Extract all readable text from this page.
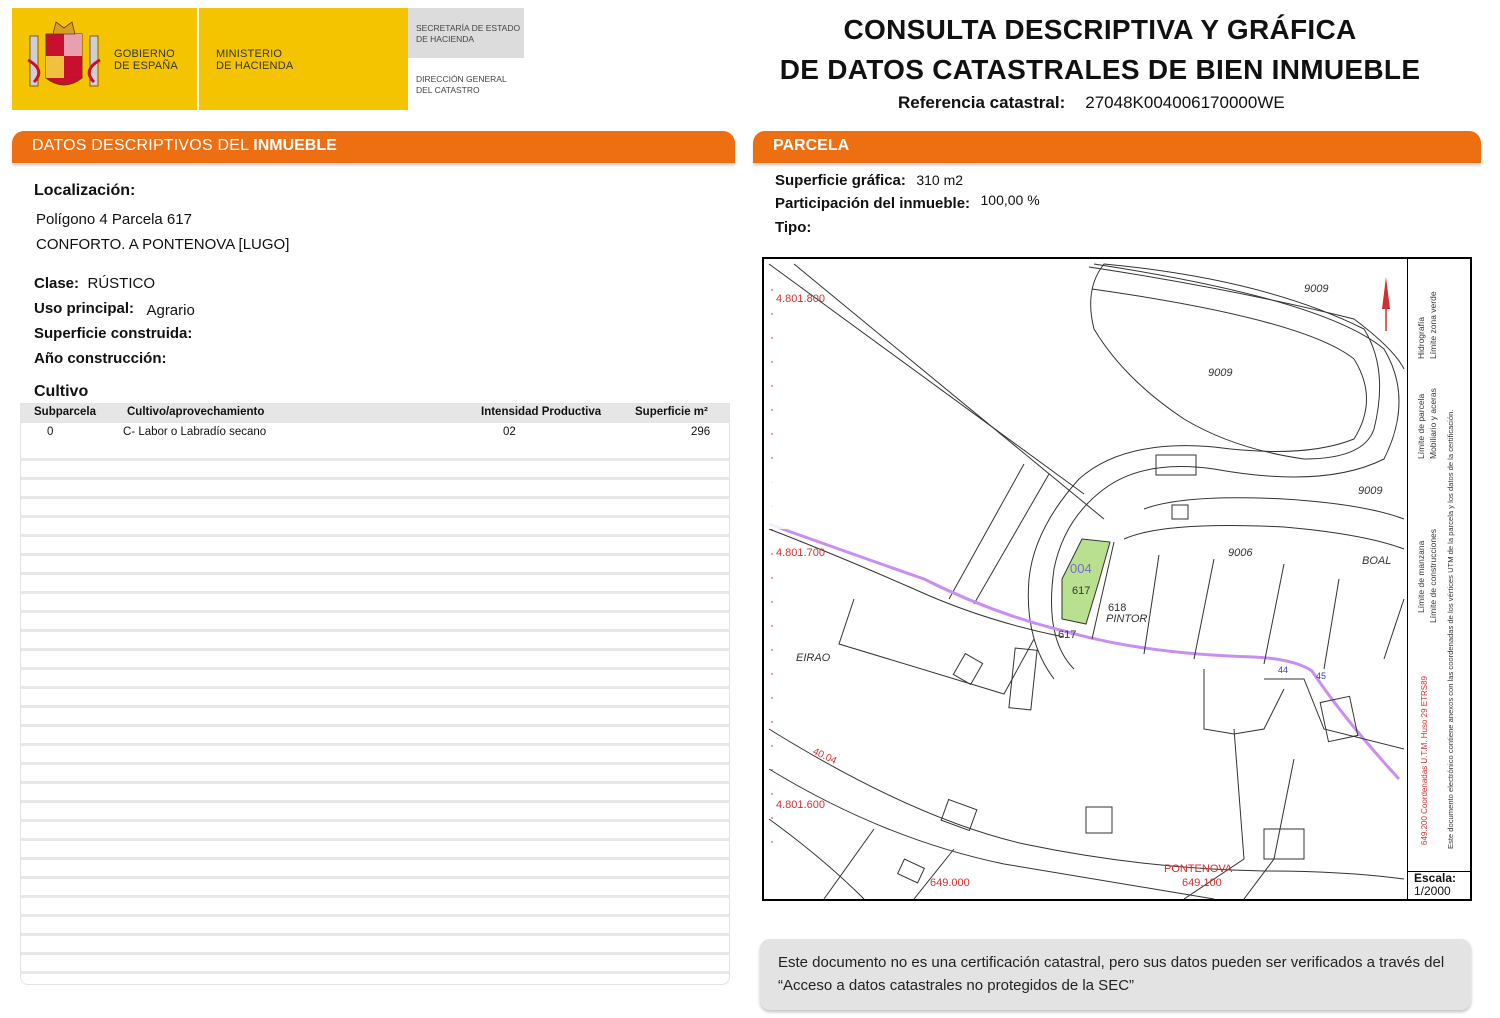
GOBIERNO
DE ESPAÑA
MINISTERIO
DE HACIENDA
SECRETARÍA DE ESTADO
DE HACIENDA
DIRECCIÓN GENERAL
DEL CATASTRO
CONSULTA DESCRIPTIVA Y GRÁFICA
DE DATOS CATASTRALES DE BIEN INMUEBLE
Referencia catastral: 27048K004006170000WE
DATOS DESCRIPTIVOS DEL INMUEBLE
Localización:
Polígono 4 Parcela 617
CONFORTO. A PONTENOVA [LUGO]
Clase: RÚSTICO
Uso principal: Agrario
Superficie construida:
Año construcción:
Cultivo
Subparcela	Cultivo/aprovechamiento	Intensidad Productiva	Superficie m²
0	C- Labor o Labradío secano	02	296
PARCELA
Superficie gráfica: 310 m2
Participación del inmueble: 100,00 %
Tipo:
4.801.800
4.801.700
4.801.600
649.000	649.100
9009
9009
9009
9006
BOAL
EIRAO
PINTOR
PONTENOVA
004
617
618
617
40.04
44
45
Límite de manzana
Límite de parcela
Hidrografía
Límite de construcciones
Mobiliario y aceras
Límite zona verde
649.200 Coordenadas U.T.M. Huso 29 ETRS89 Este documento electrónico contiene anexos con las coordenadas de los vértices UTM de la parcela y los datos de la certificación.
Escala:
1/2000
Este documento no es una certificación catastral, pero sus datos pueden ser verificados a través del “Acceso a datos catastrales no protegidos de la SEC”
